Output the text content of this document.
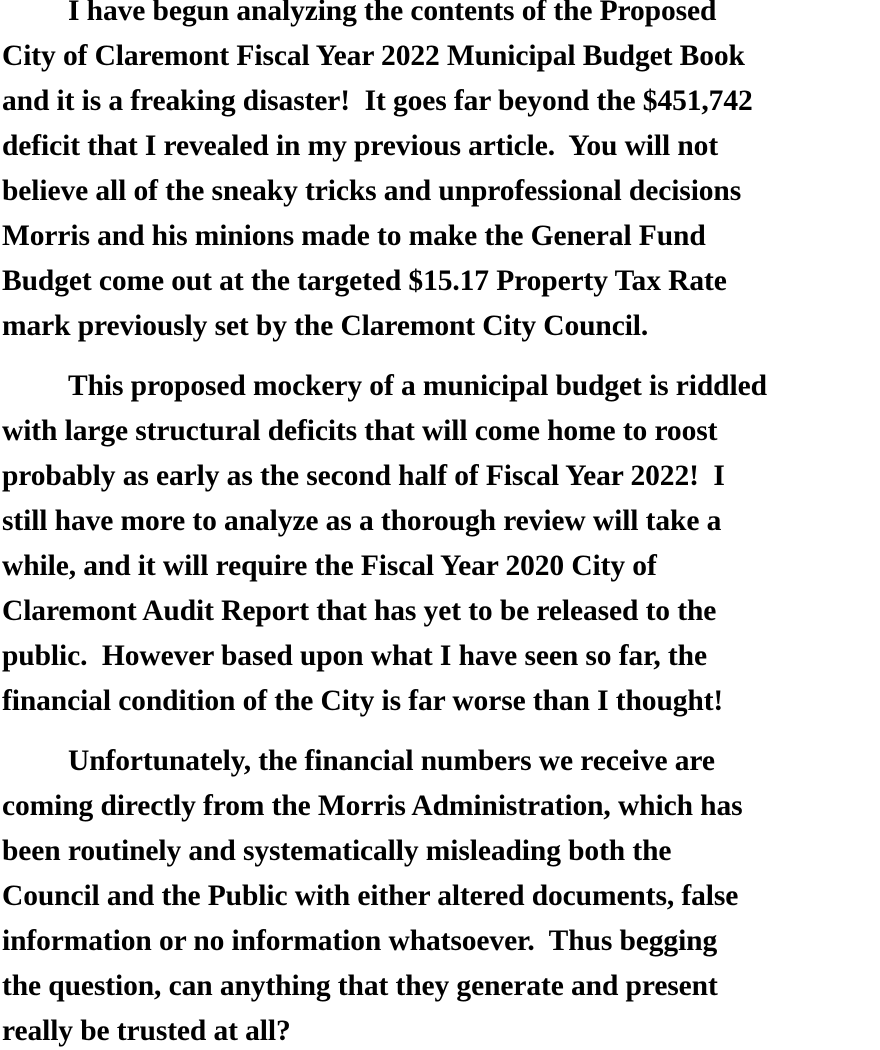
I have begun analyzing the contents of the Proposed
City of Claremont Fiscal Year 2022 Municipal Budget Book
and it is a freaking disaster!  It goes far beyond the $451,742
deficit that I revealed in my previous article.  You will not
believe all of the sneaky tricks and unprofessional decisions
Morris and his minions made to make the General Fund
Budget come out at the targeted $15.17 Property Tax Rate
mark previously set by the Claremont City Council.
This proposed mockery of a municipal budget is riddled
with large structural deficits that will come home to roost
probably as early as the second half of Fiscal Year 2022!  I
still have more to analyze as a thorough review will take a
while, and it will require the Fiscal Year 2020 City of
Claremont Audit Report that has yet to be released to the
public.  However based upon what I have seen so far, the
financial condition of the City is far worse than I thought!
Unfortunately, the financial numbers we receive are
coming directly from the Morris Administration, which has
been routinely and systematically misleading both the
Council and the Public with either altered documents, false
information or no information whatsoever.  Thus begging
the question, can anything that they generate and present
really be trusted at all?
